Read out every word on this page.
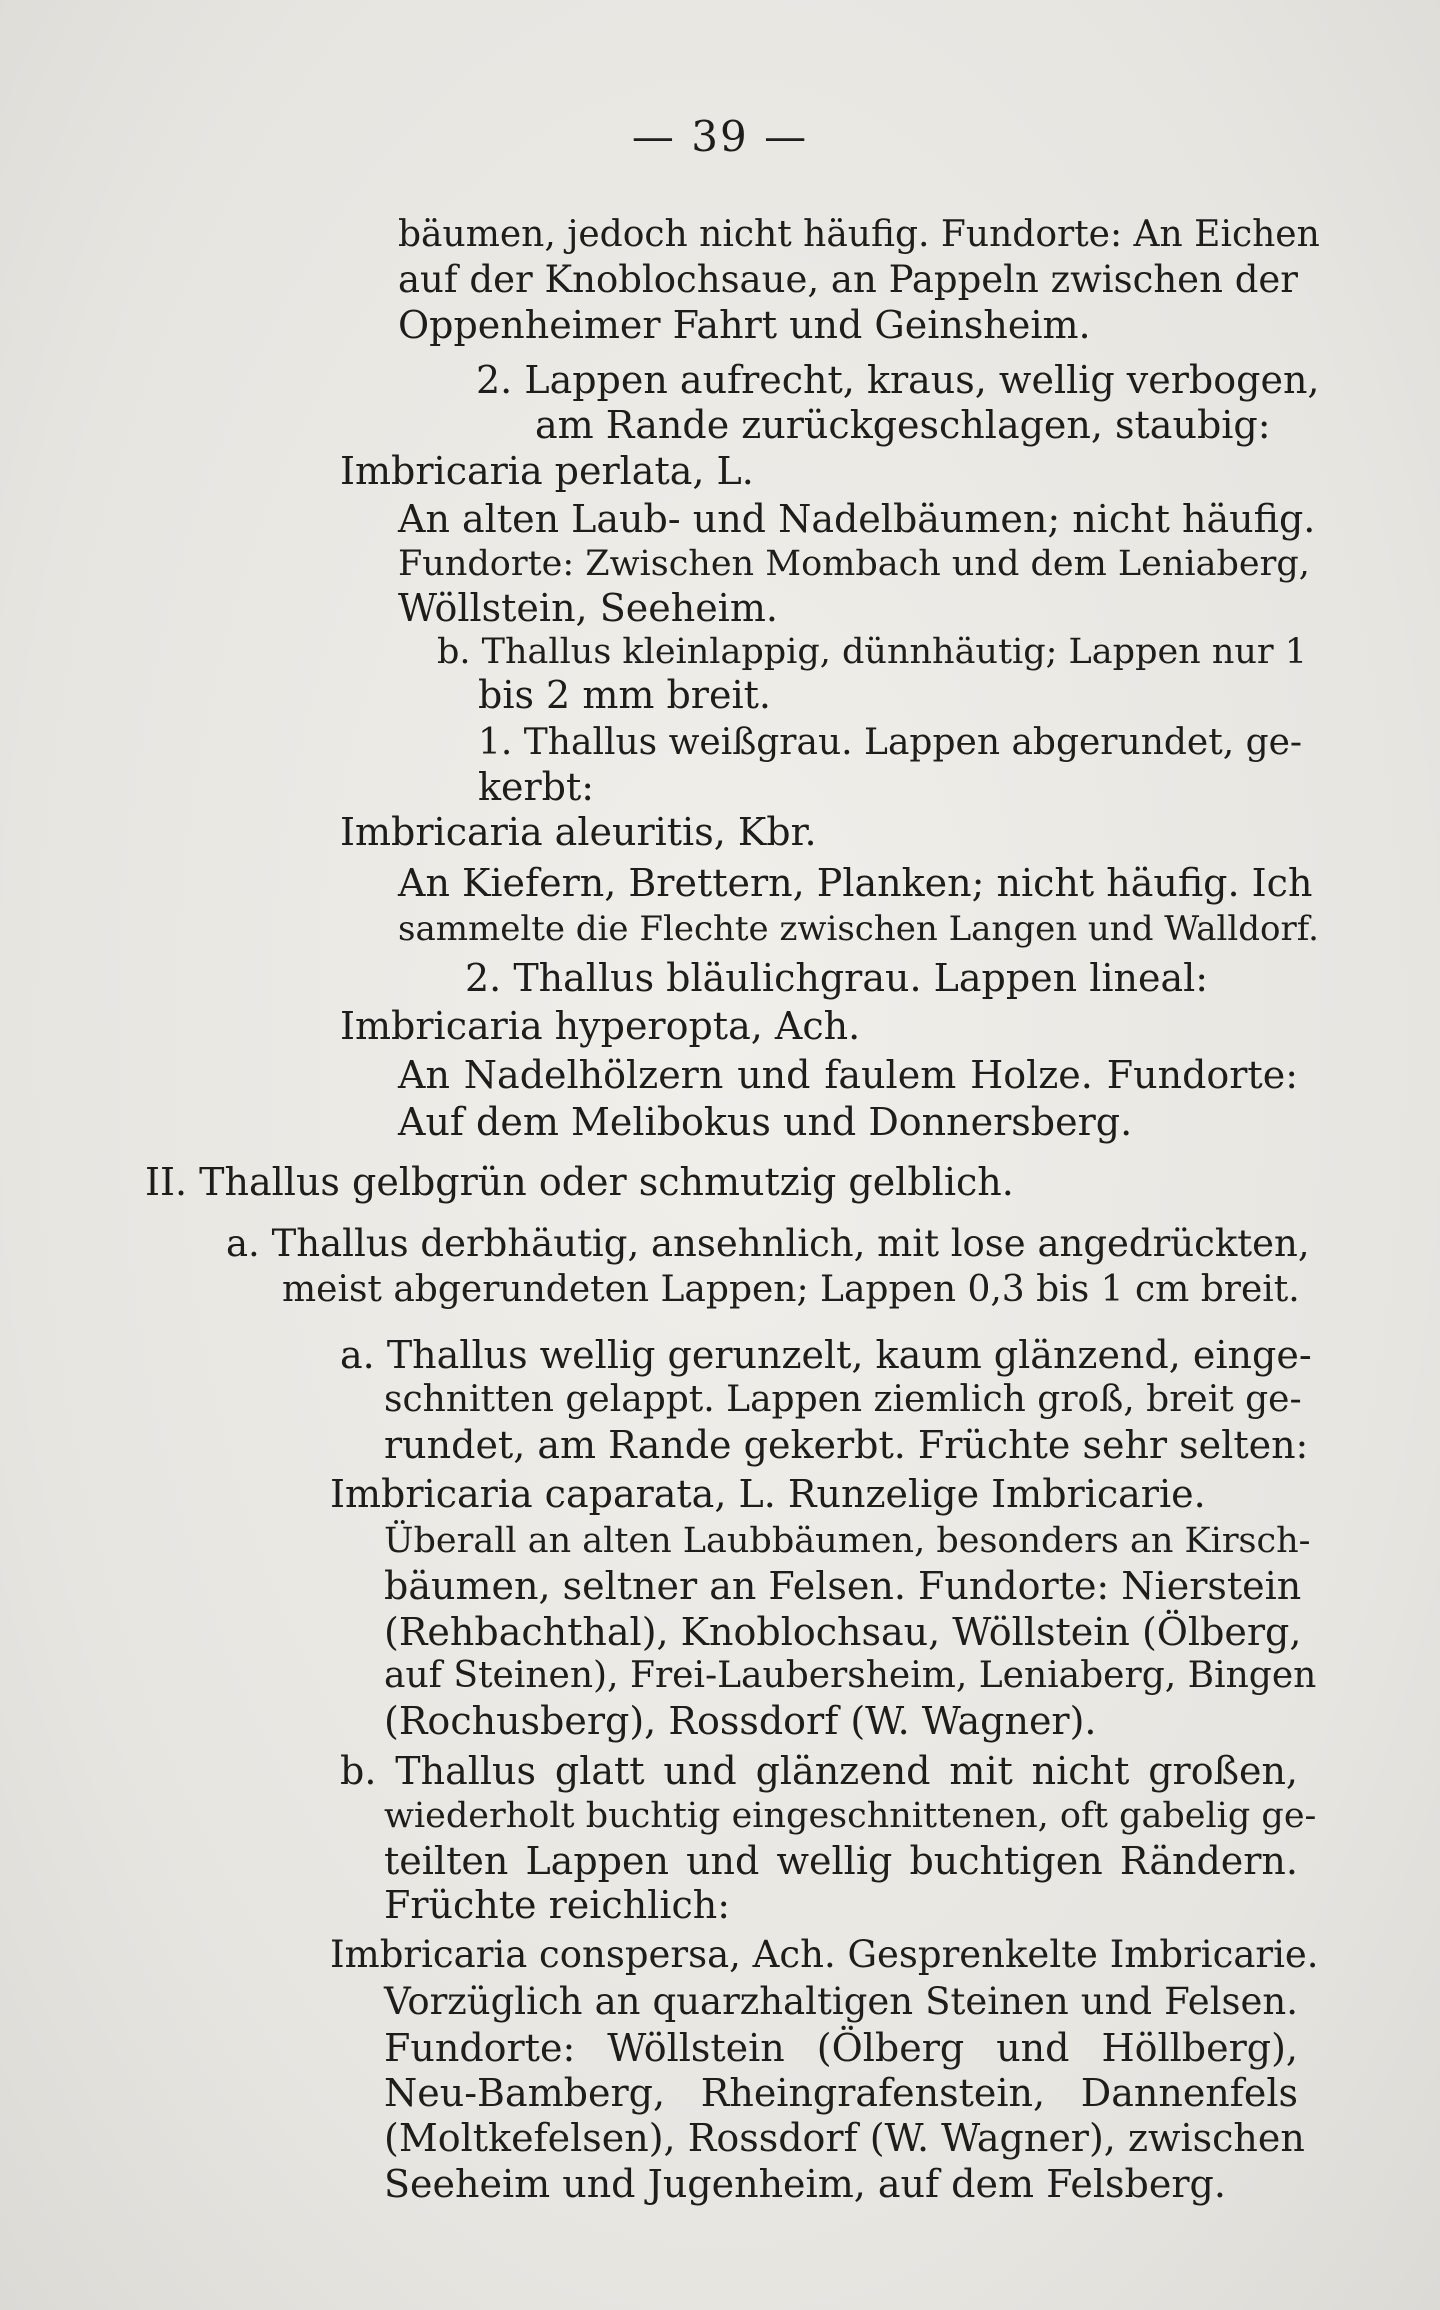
— 39 —
bäumen, jedoch nicht häufig. Fundorte: An Eichen
auf der Knoblochsaue, an Pappeln zwischen der
Oppenheimer Fahrt und Geinsheim.
2. Lappen aufrecht, kraus, wellig verbogen,
am Rande zurückgeschlagen, staubig:
Imbricaria perlata, L.
An alten Laub- und Nadelbäumen; nicht häufig.
Fundorte: Zwischen Mombach und dem Leniaberg,
Wöllstein, Seeheim.
b. Thallus kleinlappig, dünnhäutig; Lappen nur 1
bis 2 mm breit.
1. Thallus weißgrau. Lappen abgerundet, ge-
kerbt:
Imbricaria aleuritis, Kbr.
An Kiefern, Brettern, Planken; nicht häufig. Ich
sammelte die Flechte zwischen Langen und Walldorf.
2. Thallus bläulichgrau. Lappen lineal:
Imbricaria hyperopta, Ach.
An Nadelhölzern und faulem Holze. Fundorte:
Auf dem Melibokus und Donnersberg.
II. Thallus gelbgrün oder schmutzig gelblich.
a. Thallus derbhäutig, ansehnlich, mit lose angedrückten,
meist abgerundeten Lappen; Lappen 0,3 bis 1 cm breit.
a. Thallus wellig gerunzelt, kaum glänzend, einge-
schnitten gelappt. Lappen ziemlich groß, breit ge-
rundet, am Rande gekerbt. Früchte sehr selten:
Imbricaria caparata, L. Runzelige Imbricarie.
Überall an alten Laubbäumen, besonders an Kirsch-
bäumen, seltner an Felsen. Fundorte: Nierstein
(Rehbachthal), Knoblochsau, Wöllstein (Ölberg,
auf Steinen), Frei-Laubersheim, Leniaberg, Bingen
(Rochusberg), Rossdorf (W. Wagner).
b. Thallus glatt und glänzend mit nicht großen,
wiederholt buchtig eingeschnittenen, oft gabelig ge-
teilten Lappen und wellig buchtigen Rändern.
Früchte reichlich:
Imbricaria conspersa, Ach. Gesprenkelte Imbricarie.
Vorzüglich an quarzhaltigen Steinen und Felsen.
Fundorte: Wöllstein (Ölberg und Höllberg),
Neu-Bamberg, Rheingrafenstein, Dannenfels
(Moltkefelsen), Rossdorf (W. Wagner), zwischen
Seeheim und Jugenheim, auf dem Felsberg.
